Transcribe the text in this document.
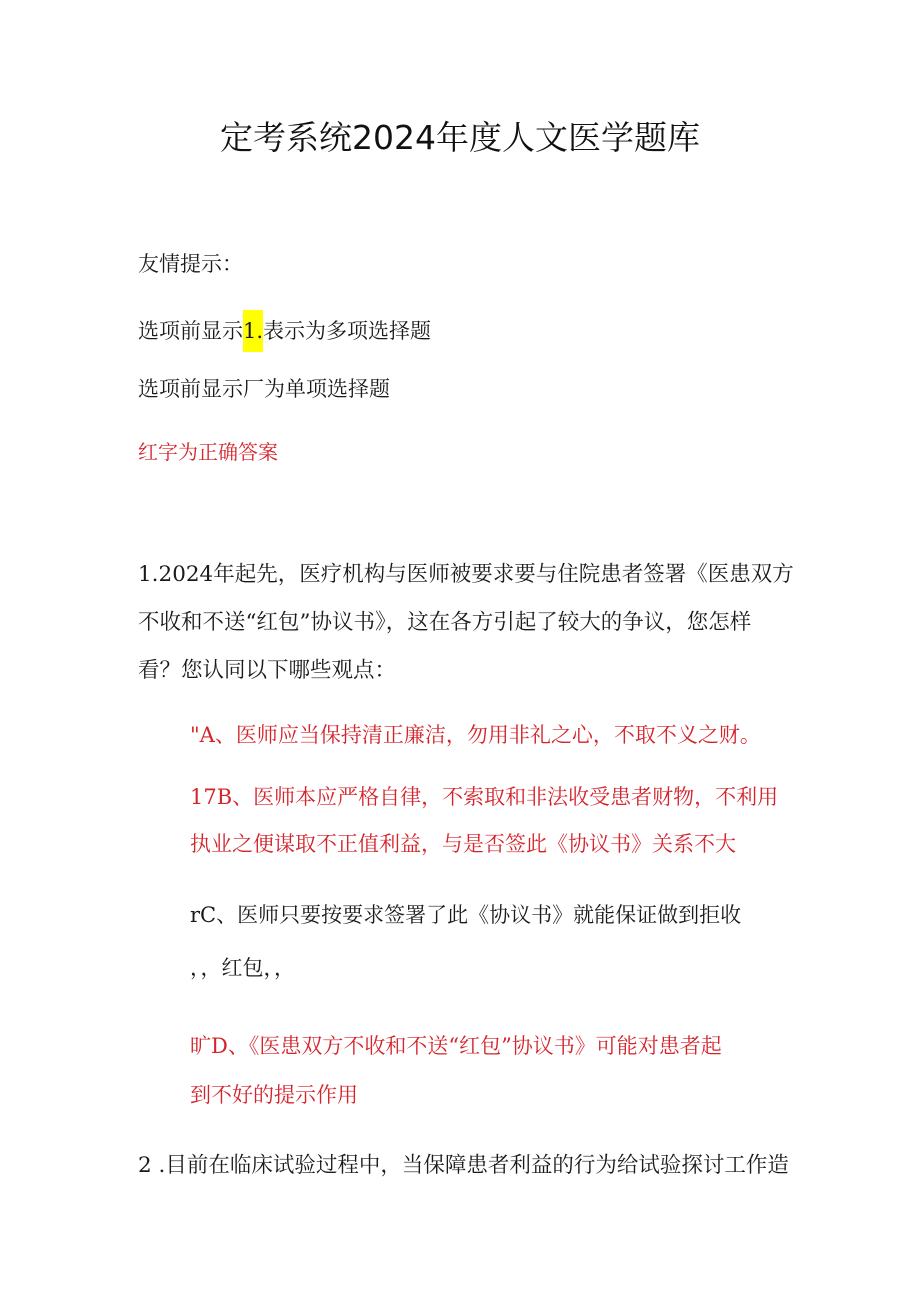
定考系统2024年度人文医学题库
友情提示：
选项前显示1.表示为多项选择题
选项前显示厂为单项选择题
红字为正确答案
1.2024年起先，医疗机构与医师被要求要与住院患者签署《医患双方
不收和不送“红包”协议书》，这在各方引起了较大的争议，您怎样
看？您认同以下哪些观点：
"A、医师应当保持清正廉洁，勿用非礼之心，不取不义之财。
17B、医师本应严格自律，不索取和非法收受患者财物，不利用
执业之便谋取不正值利益，与是否签此《协议书》关系不大
rC、医师只要按要求签署了此《协议书》就能保证做到拒收
，，红包，，
旷D、《医患双方不收和不送“红包”协议书》可能对患者起
到不好的提示作用
2 .目前在临床试验过程中，当保障患者利益的行为给试验探讨工作造
